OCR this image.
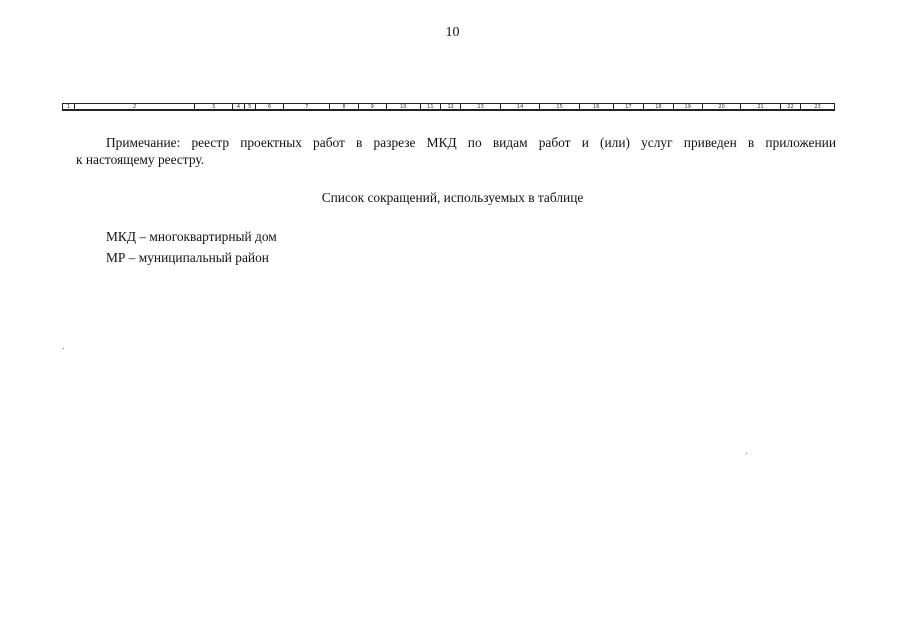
10
1	2	3	4	5	6	7	8	9	10	11	12	13	14	15	16	17	18	19	20	21	22	23
Примечание: реестр проектных работ в разрезе МКД по видам работ и (или) услуг приведен в приложении
к настоящему реестру.
Список сокращений, используемых в таблице
МКД – многоквартирный дом
МР – муниципальный район
